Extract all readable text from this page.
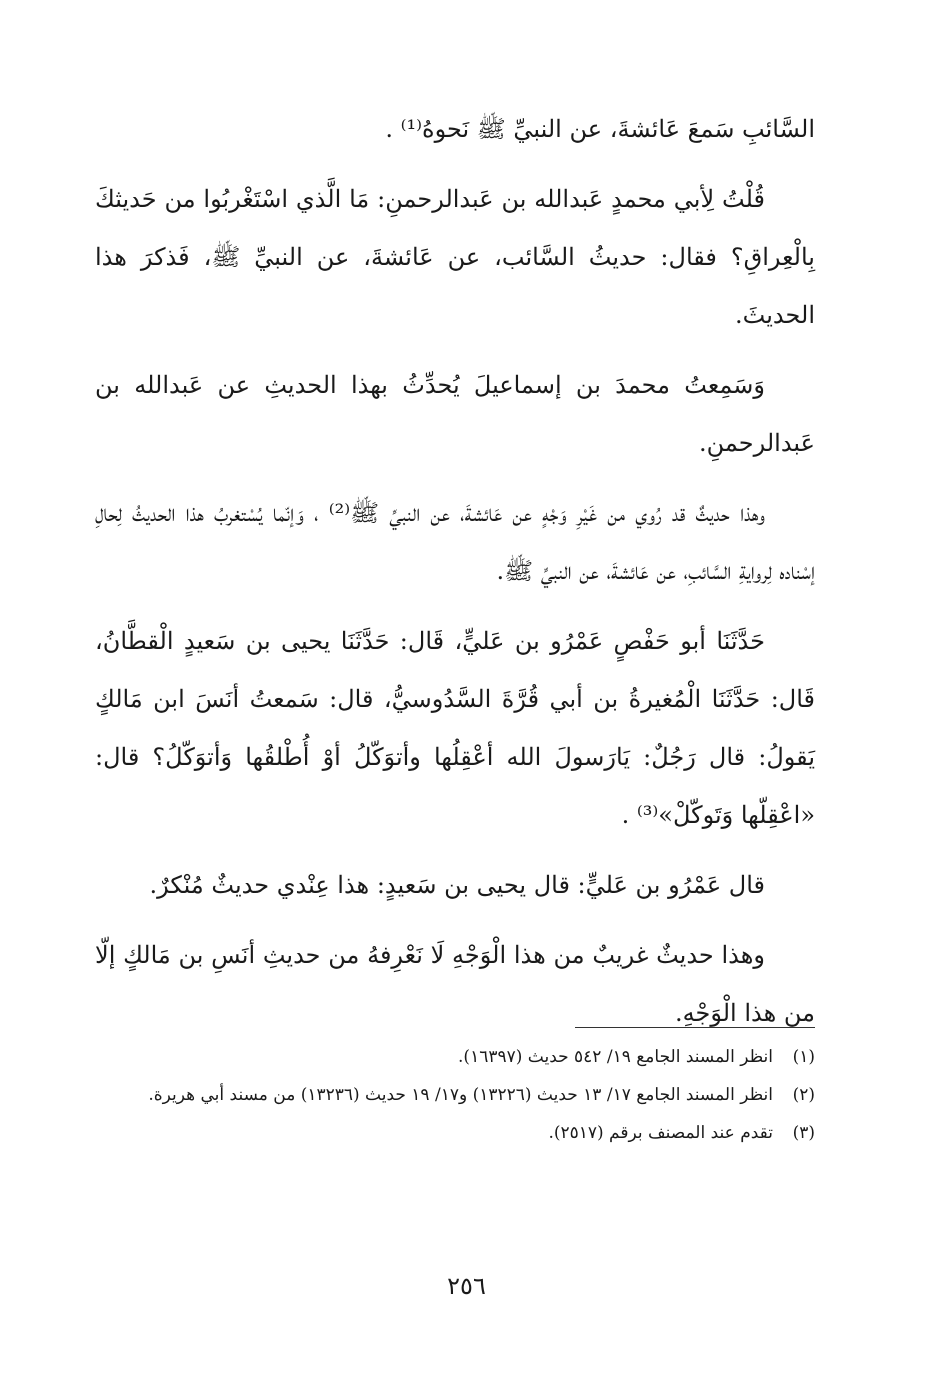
السَّائبِ سَمعَ عَائشةَ، عن النبيِّ ﷺ نَحوهُ⁽¹⁾ .

قُلْتُ لِأبي محمدٍ عَبدالله بن عَبدالرحمنِ: مَا الَّذي اسْتَغْربُوا من حَديثكَ بِالْعِراقِ؟ فقال: حديثُ السَّائب، عن عَائشةَ، عن النبيِّ ﷺ، فَذكرَ هذا الحديثَ.

وَسَمِعتُ محمدَ بن إسماعيلَ يُحدِّثُ بهذا الحديثِ عن عَبدالله بن عَبدالرحمنِ.

وهذا حديثٌ قد رُوي من غَيْرِ وَجْهٍ عن عَائشةَ، عن النبيِّ ﷺ⁽²⁾ ، وَإنّما يُسْتغربُ هذا الحديثُ لِحالِ إسْناده لِروايةِ السَّائبِ، عن عَائشةَ، عن النبيِّ ﷺ.

حَدَّثَنَا أبو حَفْصٍ عَمْرُو بن عَليٍّ، قَال: حَدَّثَنَا يحيى بن سَعيدٍ الْقطَّانُ، قَال: حَدَّثَنَا الْمُغيرةُ بن أبي قُرَّةَ السَّدُوسيُّ، قال: سَمعتُ أنَسَ ابن مَالكٍ يَقولُ: قال رَجُلٌ: يَارَسولَ الله أعْقِلُها وأتوَكّلُ أوْ أُطْلقُها وَأتوَكّلُ؟ قال: «اعْقِلّها وَتَوكّلْ»⁽³⁾ .

قال عَمْرُو بن عَليٍّ: قال يحيى بن سَعيدٍ: هذا عِنْدي حديثٌ مُنْكرٌ.

وهذا حديثٌ غريبٌ من هذا الْوَجْهِ لَا نَعْرِفهُ من حديثِ أنَسِ بن مَالكٍ إلّا من هذا الْوَجْهِ.

(١)
انظر المسند الجامع ١٩/ ٥٤٢ حديث (١٦٣٩٧).
(٢)
انظر المسند الجامع ١٧/ ١٣ حديث (١٣٢٢٦) و١٧/ ١٩ حديث (١٣٢٣٦) من مسند أبي هريرة.
(٣)
تقدم عند المصنف برقم (٢٥١٧).
٢٥٦
